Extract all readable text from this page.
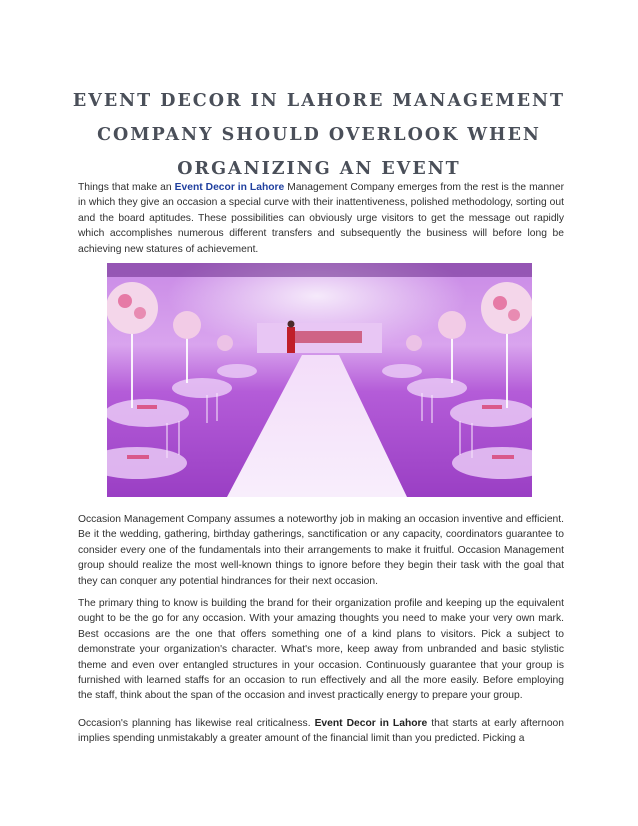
EVENT DECOR IN LAHORE MANAGEMENT
COMPANY SHOULD OVERLOOK WHEN
ORGANIZING AN EVENT

Things that make an Event Decor in Lahore Management Company emerges from the rest is the manner in which they give an occasion a special curve with their inattentiveness, polished methodology, sorting out and the board aptitudes. These possibilities can obviously urge visitors to get the message out rapidly which accomplishes numerous different transfers and subsequently the business will before long be achieving new statures of achievement.

Occasion Management Company assumes a noteworthy job in making an occasion inventive and efficient. Be it the wedding, gathering, birthday gatherings, sanctification or any capacity, coordinators guarantee to consider every one of the fundamentals into their arrangements to make it fruitful. Occasion Management group should realize the most well-known things to ignore before they begin their task with the goal that they can conquer any potential hindrances for their next occasion.

The primary thing to know is building the brand for their organization profile and keeping up the equivalent ought to be the go for any occasion. With your amazing thoughts you need to make your very own mark. Best occasions are the one that offers something one of a kind plans to visitors. Pick a subject to demonstrate your organization's character. What's more, keep away from unbranded and basic stylistic theme and even over entangled structures in your occasion. Continuously guarantee that your group is furnished with learned staffs for an occasion to run effectively and all the more easily. Before employing the staff, think about the span of the occasion and invest practically energy to prepare your group.

Occasion's planning has likewise real criticalness. Event Decor in Lahore that starts at early afternoon implies spending unmistakably a greater amount of the financial limit than you predicted. Picking a
